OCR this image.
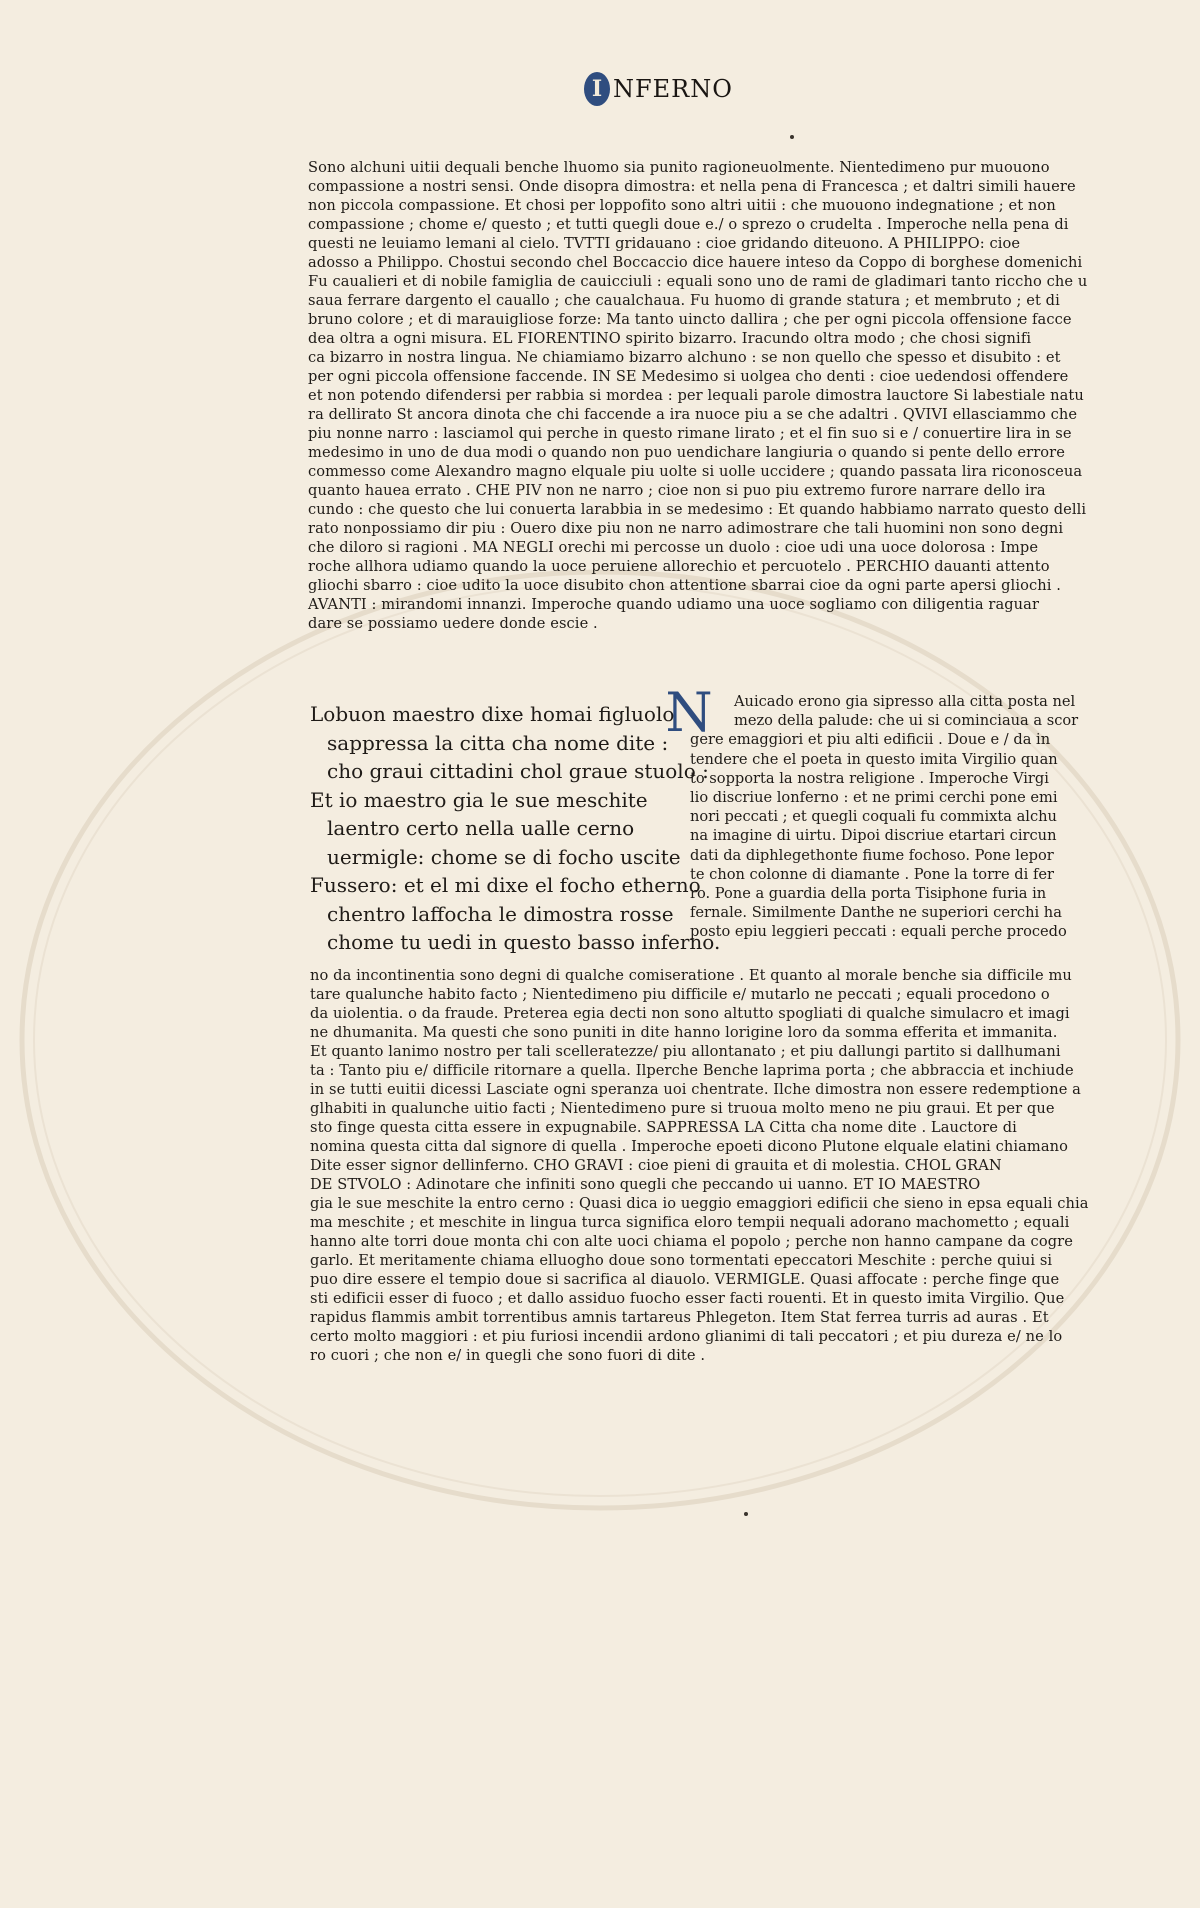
I NFERNO

Sono alchuni uitii dequali benche lhuomo sia punito ragioneuolmente. Nientedimeno pur muouono
compassione a nostri sensi. Onde disopra dimostra: et nella pena di Francesca ; et daltri simili hauere
non piccola compassione. Et chosi per loppofito sono altri uitii : che muouono indegnatione ; et non
compassione ; chome e/ questo ; et tutti quegli doue e./ o sprezo o crudelta . Imperoche nella pena di
questi ne leuiamo lemani al cielo. TVTTI gridauano : cioe gridando diteuono. A PHILIPPO: cioe
adosso a Philippo. Chostui secondo chel Boccaccio dice hauere inteso da Coppo di borghese domenichi
Fu caualieri et di nobile famiglia de cauicciuli : equali sono uno de rami de gladimari tanto riccho che u
saua ferrare dargento el cauallo ; che caualchaua. Fu huomo di grande statura ; et membruto ; et di
bruno colore ; et di marauigliose forze: Ma tanto uincto dallira ; che per ogni piccola offensione facce
dea oltra a ogni misura. EL FIORENTINO spirito bizarro. Iracundo oltra modo ; che chosi signifi
ca bizarro in nostra lingua. Ne chiamiamo bizarro alchuno : se non quello che spesso et disubito : et
per ogni piccola offensione faccende. IN SE Medesimo si uolgea cho denti : cioe uedendosi offendere
et non potendo difendersi per rabbia si mordea : per lequali parole dimostra lauctore Si labestiale natu
ra dellirato St ancora dinota che chi faccende a ira nuoce piu a se che adaltri . QVIVI ellasciammo che
piu nonne narro : lasciamol qui perche in questo rimane lirato ; et el fin suo si e / conuertire lira in se
medesimo in uno de dua modi o quando non puo uendichare langiuria o quando si pente dello errore
commesso come Alexandro magno elquale piu uolte si uolle uccidere ; quando passata lira riconosceua
quanto hauea errato . CHE PIV non ne narro ; cioe non si puo piu extremo furore narrare dello ira
cundo : che questo che lui conuerta larabbia in se medesimo : Et quando habbiamo narrato questo delli
rato nonpossiamo dir piu : Ouero dixe piu non ne narro adimostrare che tali huomini non sono degni
che diloro si ragioni . MA NEGLI orechi mi percosse un duolo : cioe udi una uoce dolorosa : Impe
roche allhora udiamo quando la uoce peruiene allorechio et percuotelo . PERCHIO dauanti attento
gliochi sbarro : cioe udito la uoce disubito chon attentione sbarrai cioe da ogni parte apersi gliochi .
AVANTI : mirandomi innanzi. Imperoche quando udiamo una uoce sogliamo con diligentia raguar
dare se possiamo uedere donde escie .

Lobuon maestro dixe homai figluolo
sappressa la citta cha nome dite :
cho graui cittadini chol graue stuolo :
Et io maestro gia le sue meschite
laentro certo nella ualle cerno
uermigle: chome se di focho uscite
Fussero: et el mi dixe el focho etherno
chentro laffocha le dimostra rosse
chome tu uedi in questo basso inferno.
N	Auicado erono gia sipresso alla citta posta nel
mezo della palude: che ui si cominciaua a scor
gere emaggiori et piu alti edificii . Doue e / da in
tendere che el poeta in questo imita Virgilio quan
to sopporta la nostra religione . Imperoche Virgi
lio discriue lonferno : et ne primi cerchi pone emi
nori peccati ; et quegli coquali fu commixta alchu
na imagine di uirtu. Dipoi discriue etartari circun
dati da diphlegethonte fiume fochoso. Pone lepor
te chon colonne di diamante . Pone la torre di fer
ro. Pone a guardia della porta Tisiphone furia in
fernale. Similmente Danthe ne superiori cerchi ha
posto epiu leggieri peccati : equali perche procedo

no da incontinentia sono degni di qualche comiseratione . Et quanto al morale benche sia difficile mu
tare qualunche habito facto ; Nientedimeno piu difficile e/ mutarlo ne peccati ; equali procedono o
da uiolentia. o da fraude. Preterea egia decti non sono altutto spogliati di qualche simulacro et imagi
ne dhumanita. Ma questi che sono puniti in dite hanno lorigine loro da somma efferita et immanita.
Et quanto lanimo nostro per tali scelleratezze/ piu allontanato ; et piu dallungi partito si dallhumani
ta : Tanto piu e/ difficile ritornare a quella. Ilperche Benche laprima porta ; che abbraccia et inchiude
in se tutti euitii dicessi Lasciate ogni speranza uoi chentrate. Ilche dimostra non essere redemptione a
glhabiti in qualunche uitio facti ; Nientedimeno pure si truoua molto meno ne piu graui. Et per que
sto finge questa citta essere in expugnabile. SAPPRESSA LA Citta cha nome dite . Lauctore di
nomina questa citta dal signore di quella . Imperoche epoeti dicono Plutone elquale elatini chiamano
Dite esser signor dellinferno. CHO GRAVI : cioe pieni di grauita et di molestia. CHOL GRAN
DE STVOLO : Adinotare che infiniti sono quegli che peccando ui uanno. ET IO MAESTRO
gia le sue meschite la entro cerno : Quasi dica io ueggio emaggiori edificii che sieno in epsa equali chia
ma meschite ; et meschite in lingua turca significa eloro tempii nequali adorano machometto ; equali
hanno alte torri doue monta chi con alte uoci chiama el popolo ; perche non hanno campane da cogre
garlo. Et meritamente chiama elluogho doue sono tormentati epeccatori Meschite : perche quiui si
puo dire essere el tempio doue si sacrifica al diauolo. VERMIGLE. Quasi affocate : perche finge que
sti edificii esser di fuoco ; et dallo assiduo fuocho esser facti rouenti. Et in questo imita Virgilio. Que
rapidus flammis ambit torrentibus amnis tartareus Phlegeton. Item Stat ferrea turris ad auras . Et
certo molto maggiori : et piu furiosi incendii ardono glianimi di tali peccatori ; et piu dureza e/ ne lo
ro cuori ; che non e/ in quegli che sono fuori di dite .
